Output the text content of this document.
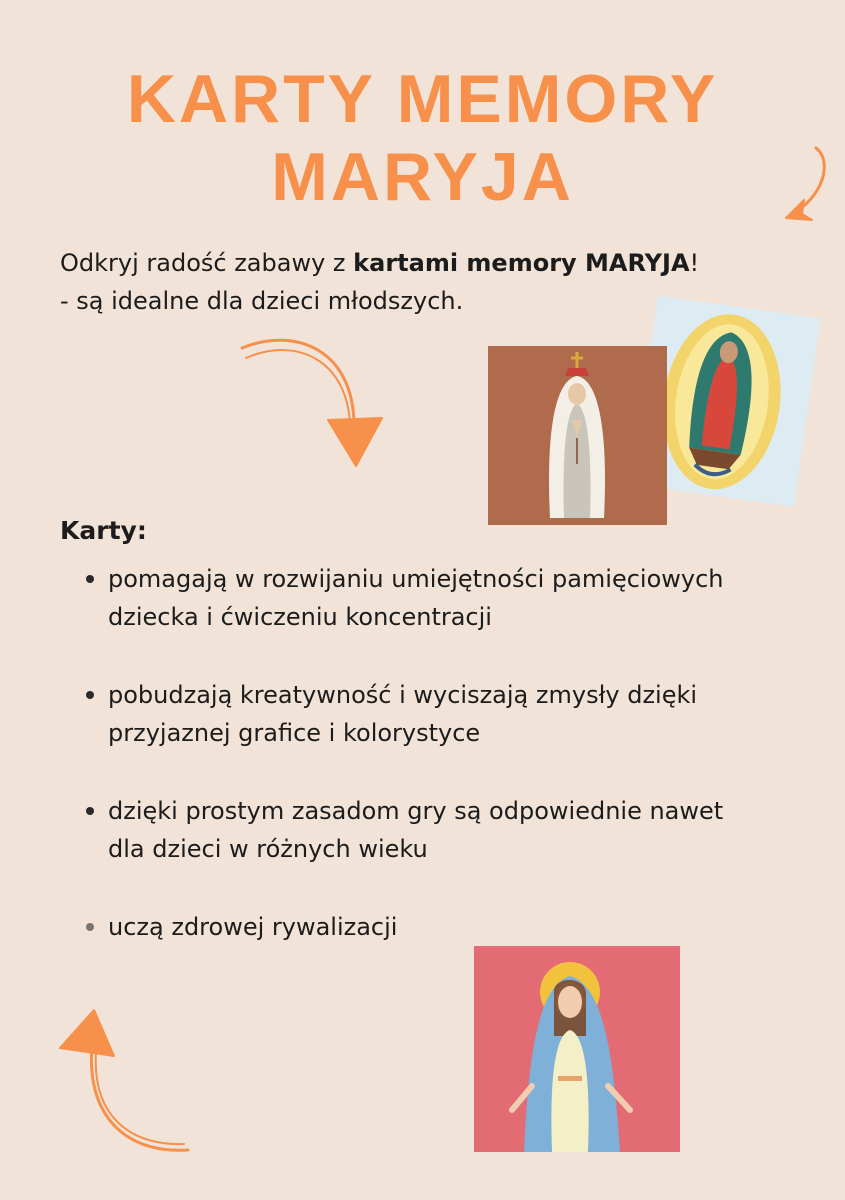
KARTY MEMORY MARYJA

Odkryj radość zabawy z kartami memory MARYJA!
- są idealne dla dzieci młodszych.

Karty:
pomagają w rozwijaniu umiejętności pamięciowych dziecka i ćwiczeniu koncentracji
pobudzają kreatywność i wyciszają zmysły dzięki przyjaznej grafice i kolorystyce
dzięki prostym zasadom gry są odpowiednie nawet dla dzieci w różnych wieku
uczą zdrowej rywalizacji
